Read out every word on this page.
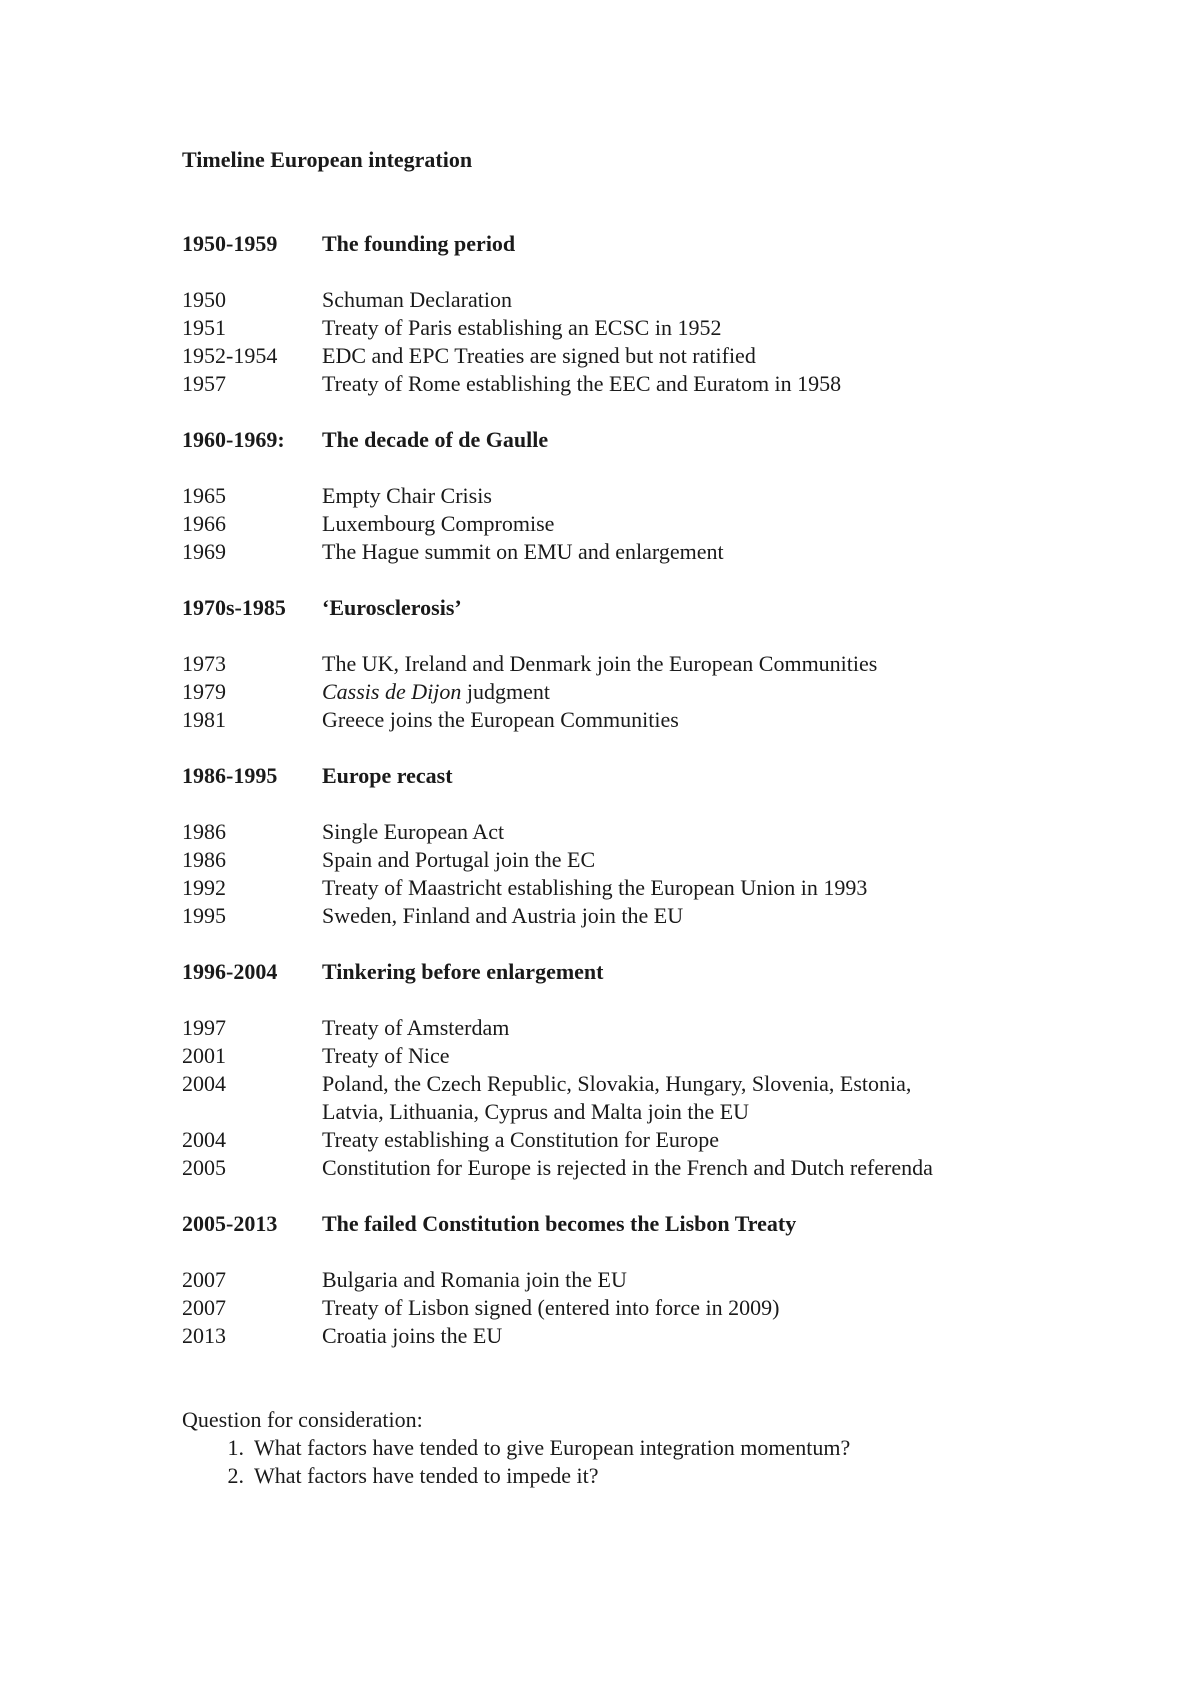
Timeline European integration
1950-1959	The founding period
1950	Schuman Declaration
1951	Treaty of Paris establishing an ECSC in 1952
1952-1954	EDC and EPC Treaties are signed but not ratified
1957	Treaty of Rome establishing the EEC and Euratom in 1958
1960-1969:	The decade of de Gaulle
1965	Empty Chair Crisis
1966	Luxembourg Compromise
1969	The Hague summit on EMU and enlargement
1970s-1985	‘Eurosclerosis’
1973	The UK, Ireland and Denmark join the European Communities
1979	Cassis de Dijon judgment
1981	Greece joins the European Communities
1986-1995	Europe recast
1986	Single European Act
1986	Spain and Portugal join the EC
1992	Treaty of Maastricht establishing the European Union in 1993
1995	Sweden, Finland and Austria join the EU
1996-2004	Tinkering before enlargement
1997	Treaty of Amsterdam
2001	Treaty of Nice
2004	Poland, the Czech Republic, Slovakia, Hungary, Slovenia, Estonia,
Latvia, Lithuania, Cyprus and Malta join the EU
2004	Treaty establishing a Constitution for Europe
2005	Constitution for Europe is rejected in the French and Dutch referenda
2005-2013	The failed Constitution becomes the Lisbon Treaty
2007	Bulgaria and Romania join the EU
2007	Treaty of Lisbon signed (entered into force in 2009)
2013	Croatia joins the EU
Question for consideration:
1. What factors have tended to give European integration momentum?
2. What factors have tended to impede it?
